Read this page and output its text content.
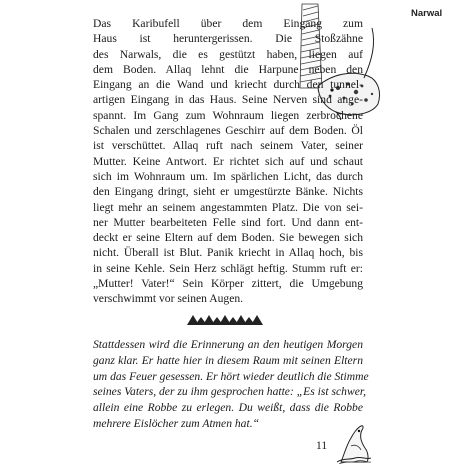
Narwal
Das Karibufell über dem Eingang zum
Haus ist heruntergerissen. Die Stoßzähne
des Narwals, die es gestützt haben, liegen auf
dem Boden. Allaq lehnt die Harpune neben den
Eingang an die Wand und kriecht durch den tunnel-
artigen Eingang in das Haus. Seine Nerven sind ange-
spannt. Im Gang zum Wohnraum liegen zerbrochene
Schalen und zerschlagenes Geschirr auf dem Boden. Öl
ist verschüttet. Allaq ruft nach seinem Vater, seiner
Mutter. Keine Antwort. Er richtet sich auf und schaut
sich im Wohnraum um. Im spärlichen Licht, das durch
den Eingang dringt, sieht er umgestürzte Bänke. Nichts
liegt mehr an seinem angestammten Platz. Die von sei-
ner Mutter bearbeiteten Felle sind fort. Und dann ent-
deckt er seine Eltern auf dem Boden. Sie bewegen sich
nicht. Überall ist Blut. Panik kriecht in Allaq hoch, bis
in seine Kehle. Sein Herz schlägt heftig. Stumm ruft er:
„Mutter! Vater!“ Sein Körper zittert, die Umgebung
verschwimmt vor seinen Augen.
Stattdessen wird die Erinnerung an den heutigen Morgen
ganz klar. Er hatte hier in diesem Raum mit seinen Eltern
um das Feuer gesessen. Er hört wieder deutlich die Stimme
seines Vaters, der zu ihm gesprochen hatte: „Es ist schwer,
allein eine Robbe zu erlegen. Du weißt, dass die Robbe
mehrere Eislöcher zum Atmen hat.“
11
